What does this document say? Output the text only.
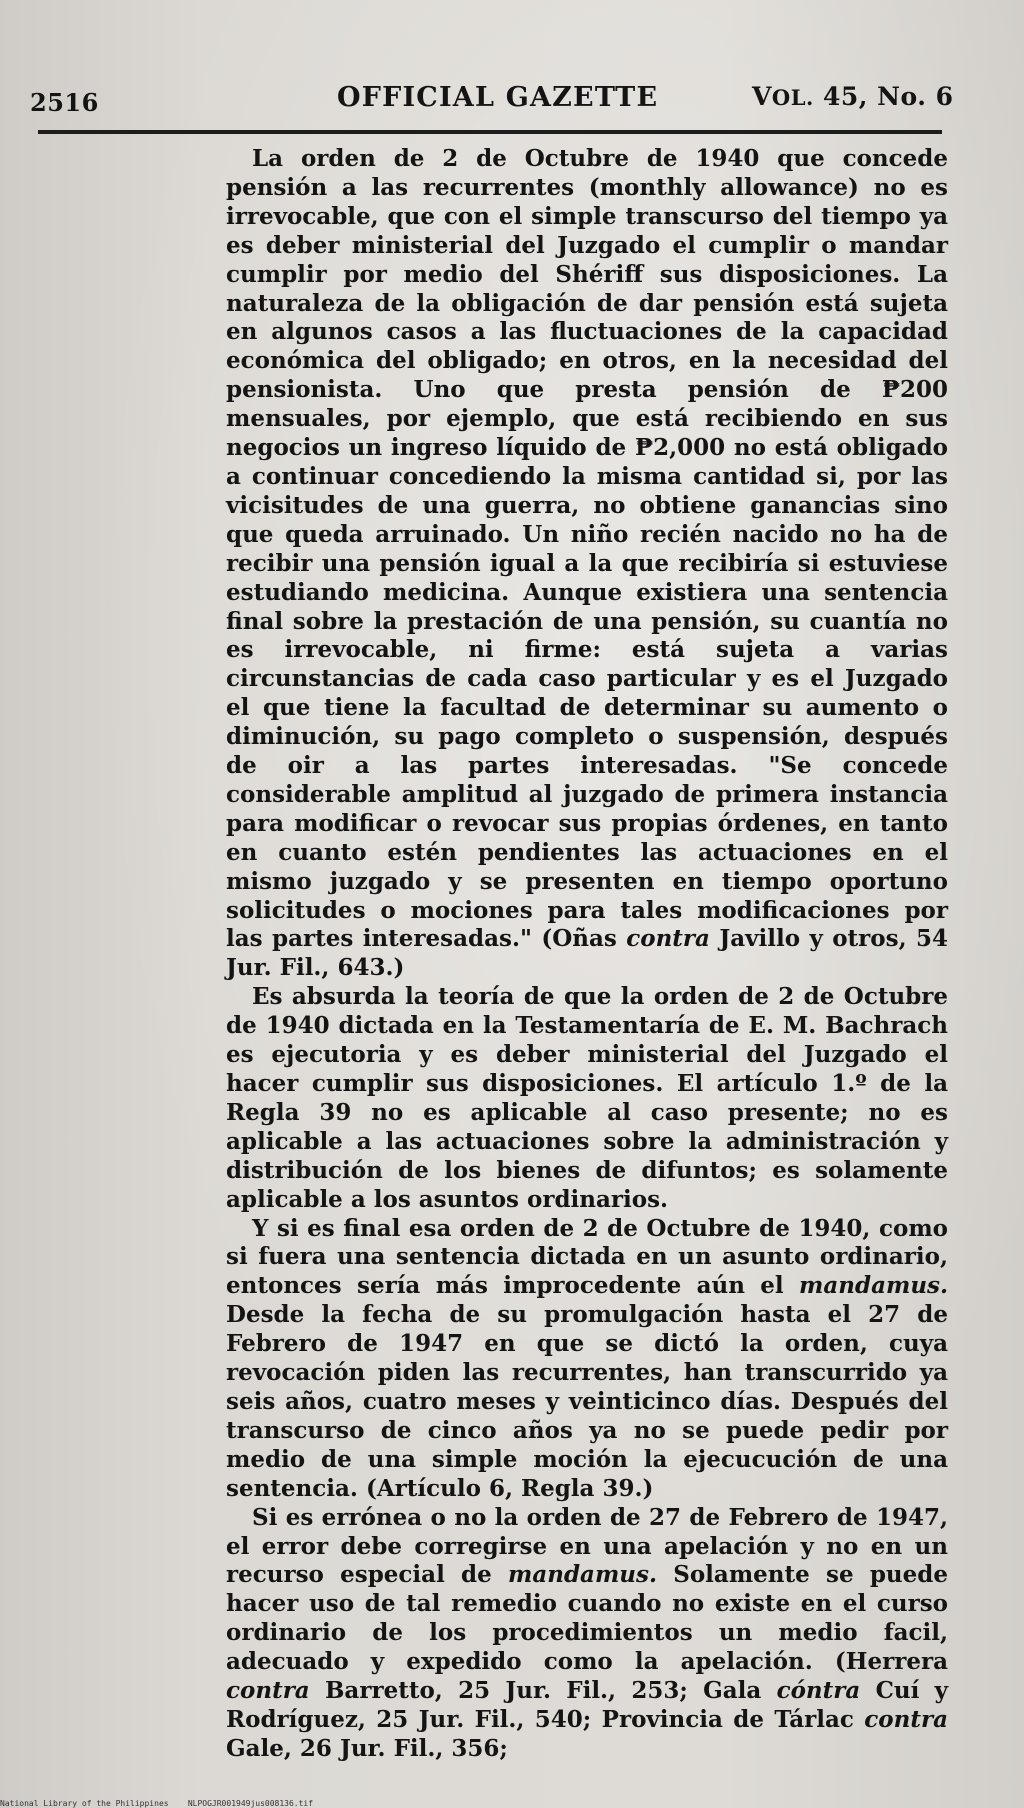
2516	OFFICIAL GAZETTE	VOL. 45, No. 6

La orden de 2 de Octubre de 1940 que concede pensión a las recurrentes (monthly allowance) no es irrevocable, que con el simple transcurso del tiempo ya es deber ministerial del Juzgado el cumplir o mandar cumplir por medio del Shériff sus disposiciones. La naturaleza de la obligación de dar pensión está sujeta en algunos casos a las fluctuaciones de la capacidad económica del obligado; en otros, en la necesidad del pensionista. Uno que presta pensión de ₱200 mensuales, por ejemplo, que está recibiendo en sus negocios un ingreso líquido de ₱2,000 no está obligado a continuar concediendo la misma cantidad si, por las vicisitudes de una guerra, no obtiene ganancias sino que queda arruinado. Un niño recién nacido no ha de recibir una pensión igual a la que recibiría si estuviese estudiando medicina. Aunque existiera una sentencia final sobre la prestación de una pensión, su cuantía no es irrevocable, ni firme: está sujeta a varias circunstancias de cada caso particular y es el Juzgado el que tiene la facultad de determinar su aumento o diminución, su pago completo o suspensión, después de oir a las partes interesadas. "Se concede considerable amplitud al juzgado de primera instancia para modificar o revocar sus propias órdenes, en tanto en cuanto estén pendientes las actuaciones en el mismo juzgado y se presenten en tiempo oportuno solicitudes o mociones para tales modificaciones por las partes interesadas." (Oñas contra Javillo y otros, 54 Jur. Fil., 643.)

Es absurda la teoría de que la orden de 2 de Octubre de 1940 dictada en la Testamentaría de E. M. Bachrach es ejecutoria y es deber ministerial del Juzgado el hacer cumplir sus disposiciones. El artículo 1.º de la Regla 39 no es aplicable al caso presente; no es aplicable a las actuaciones sobre la administración y distribución de los bienes de difuntos; es solamente aplicable a los asuntos ordinarios.

Y si es final esa orden de 2 de Octubre de 1940, como si fuera una sentencia dictada en un asunto ordinario, entonces sería más improcedente aún el mandamus. Desde la fecha de su promulgación hasta el 27 de Febrero de 1947 en que se dictó la orden, cuya revocación piden las recurrentes, han transcurrido ya seis años, cuatro meses y veinticinco días. Después del transcurso de cinco años ya no se puede pedir por medio de una simple moción la ejecucución de una sentencia. (Artículo 6, Regla 39.)

Si es errónea o no la orden de 27 de Febrero de 1947, el error debe corregirse en una apelación y no en un recurso especial de mandamus. Solamente se puede hacer uso de tal remedio cuando no existe en el curso ordinario de los procedimientos un medio facil, adecuado y expedido como la apelación. (Herrera contra Barretto, 25 Jur. Fil., 253; Gala cóntra Cuí y Rodríguez, 25 Jur. Fil., 540; Provincia de Tárlac contra Gale, 26 Jur. Fil., 356;

National Library of the Philippines    NLPOGJR001949jus008136.tif
